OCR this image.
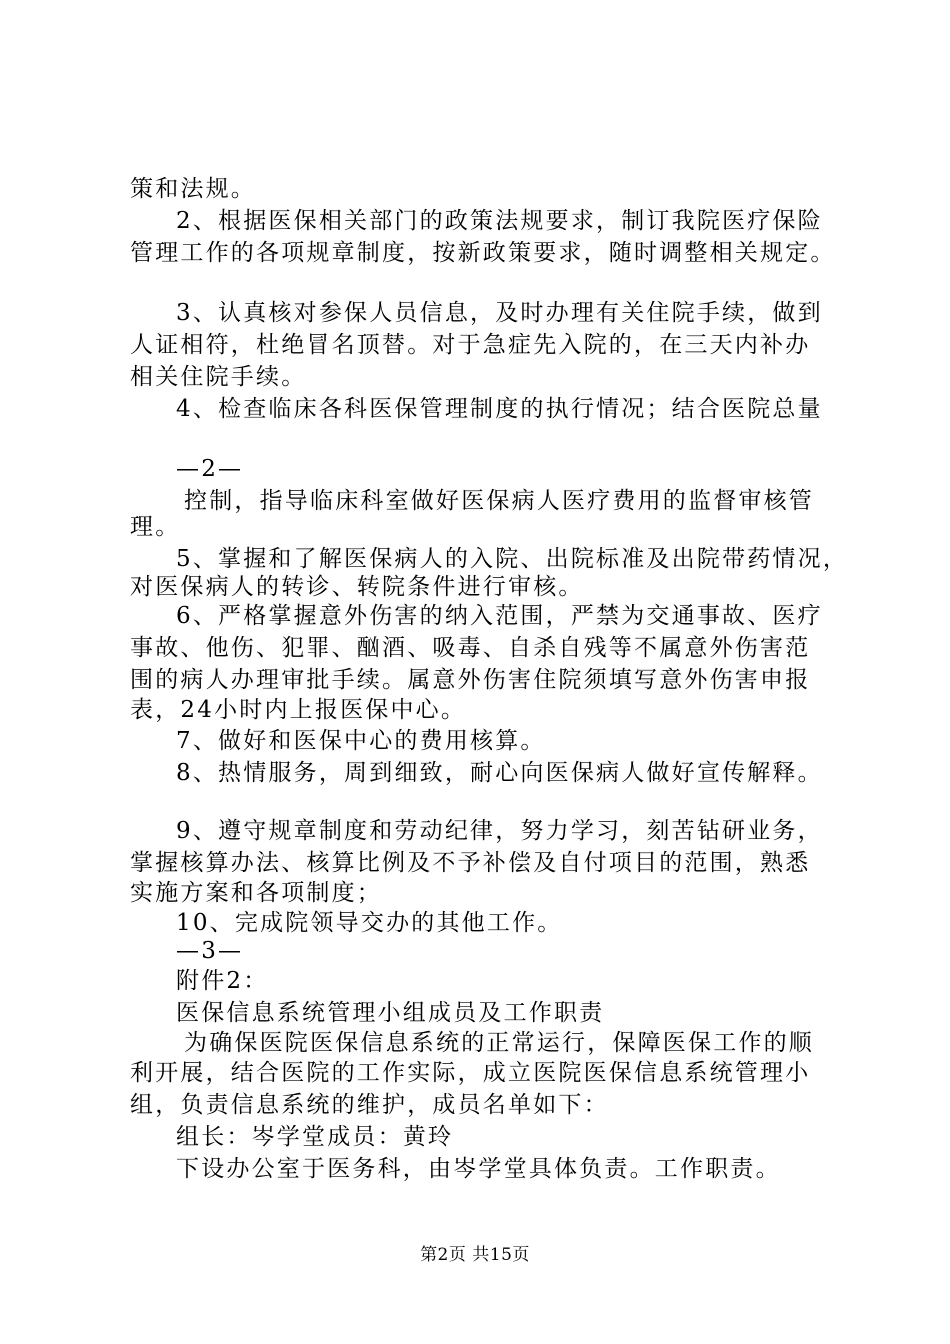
策和法规。
2、根据医保相关部门的政策法规要求，制订我院医疗保险
管理工作的各项规章制度，按新政策要求，随时调整相关规定。
3、认真核对参保人员信息，及时办理有关住院手续，做到
人证相符，杜绝冒名顶替。对于急症先入院的，在三天内补办
相关住院手续。
4、检查临床各科医保管理制度的执行情况；结合医院总量
—2—
控制，指导临床科室做好医保病人医疗费用的监督审核管
理。
5、掌握和了解医保病人的入院、出院标准及出院带药情况，
对医保病人的转诊、转院条件进行审核。
6、严格掌握意外伤害的纳入范围，严禁为交通事故、医疗
事故、他伤、犯罪、酗酒、吸毒、自杀自残等不属意外伤害范
围的病人办理审批手续。属意外伤害住院须填写意外伤害申报
表，24小时内上报医保中心。
7、做好和医保中心的费用核算。
8、热情服务，周到细致，耐心向医保病人做好宣传解释。
9、遵守规章制度和劳动纪律，努力学习，刻苦钻研业务，
掌握核算办法、核算比例及不予补偿及自付项目的范围，熟悉
实施方案和各项制度；
10、完成院领导交办的其他工作。
—3—
附件2：
医保信息系统管理小组成员及工作职责
为确保医院医保信息系统的正常运行，保障医保工作的顺
利开展，结合医院的工作实际，成立医院医保信息系统管理小
组，负责信息系统的维护，成员名单如下：
组长：岑学堂成员：黄玲
下设办公室于医务科，由岑学堂具体负责。工作职责。
第2页 共15页
